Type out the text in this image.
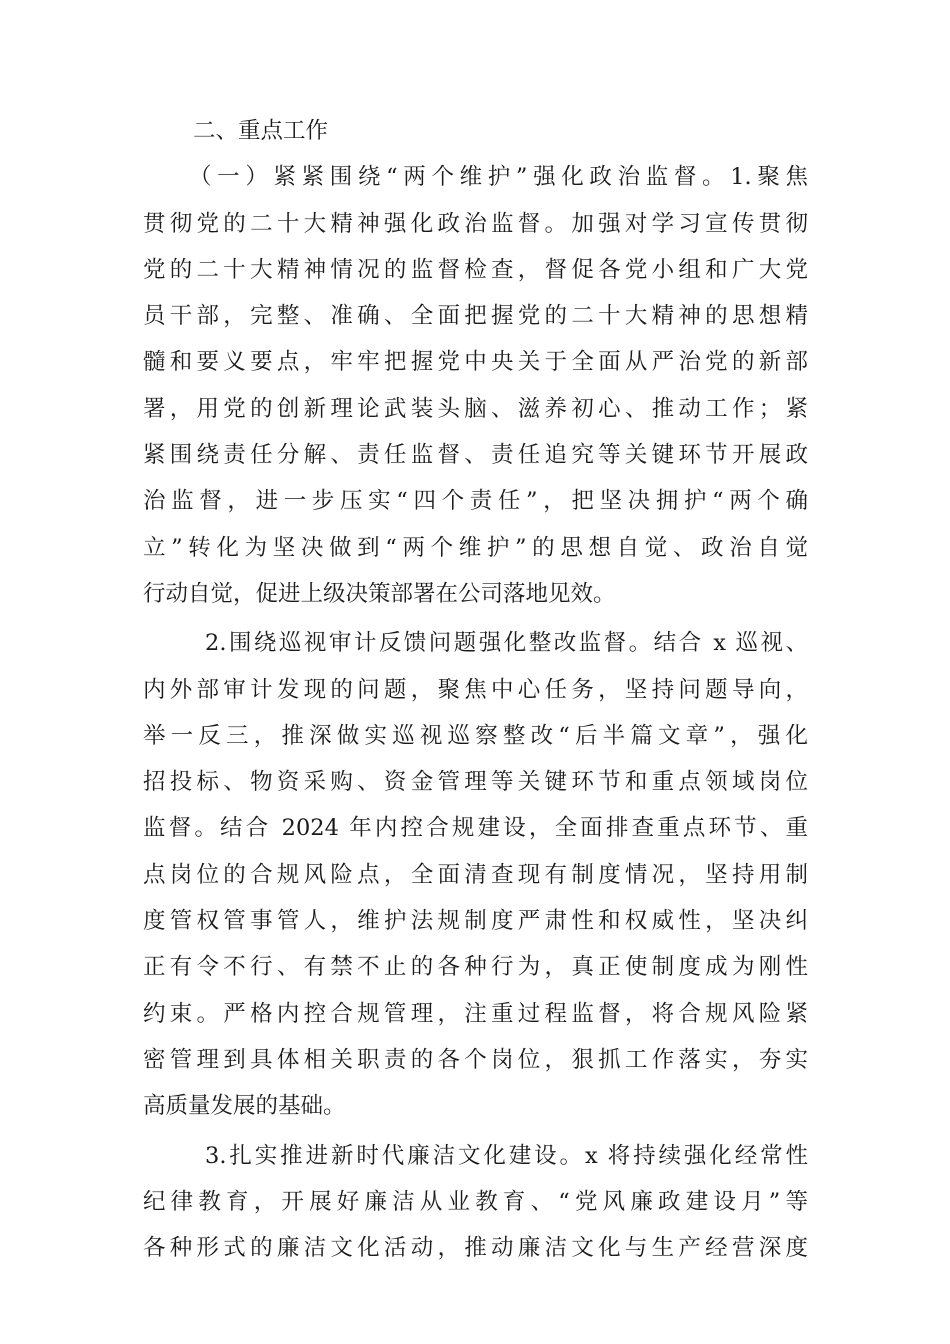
二、重点工作
（一）紧紧围绕“两个维护”强化政治监督。1.聚焦
贯彻党的二十大精神强化政治监督。加强对学习宣传贯彻
党的二十大精神情况的监督检查，督促各党小组和广大党
员干部，完整、准确、全面把握党的二十大精神的思想精
髓和要义要点，牢牢把握党中央关于全面从严治党的新部
署，用党的创新理论武装头脑、滋养初心、推动工作；紧
紧围绕责任分解、责任监督、责任追究等关键环节开展政
治监督，进一步压实“四个责任”，把坚决拥护“两个确
立”转化为坚决做到“两个维护”的思想自觉、政治自觉
行动自觉，促进上级决策部署在公司落地见效。
2.围绕巡视审计反馈问题强化整改监督。结合 x 巡视、
内外部审计发现的问题，聚焦中心任务，坚持问题导向，
举一反三，推深做实巡视巡察整改“后半篇文章”，强化
招投标、物资采购、资金管理等关键环节和重点领域岗位
监督。结合 2024 年内控合规建设，全面排查重点环节、重
点岗位的合规风险点，全面清查现有制度情况，坚持用制
度管权管事管人，维护法规制度严肃性和权威性，坚决纠
正有令不行、有禁不止的各种行为，真正使制度成为刚性
约束。严格内控合规管理，注重过程监督，将合规风险紧
密管理到具体相关职责的各个岗位，狠抓工作落实，夯实
高质量发展的基础。
3.扎实推进新时代廉洁文化建设。x 将持续强化经常性
纪律教育，开展好廉洁从业教育、“党风廉政建设月”等
各种形式的廉洁文化活动，推动廉洁文化与生产经营深度
